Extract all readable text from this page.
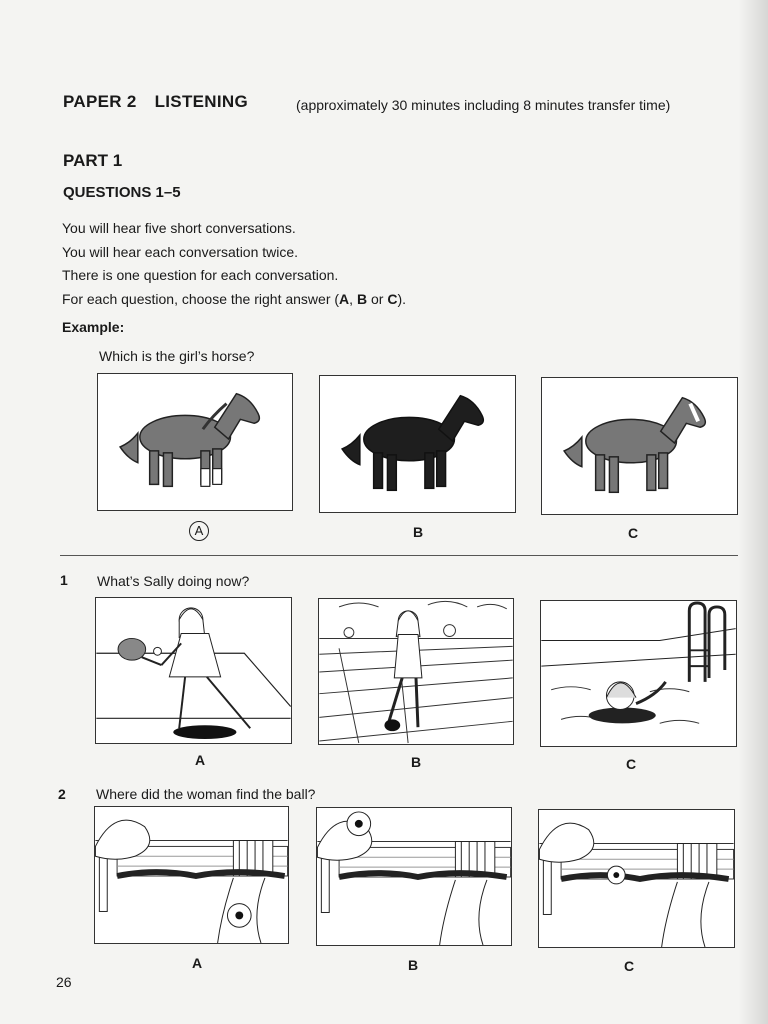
PAPER 2 LISTENING	(approximately 30 minutes including 8 minutes transfer time)
PART 1
QUESTIONS 1–5
You will hear five short conversations.
You will hear each conversation twice.
There is one question for each conversation.
For each question, choose the right answer (A, B or C).
Example:
Which is the girl’s horse?
A	B	C
1 What’s Sally doing now?
A	B	C
2 Where did the woman find the ball?
A	B	C
26
